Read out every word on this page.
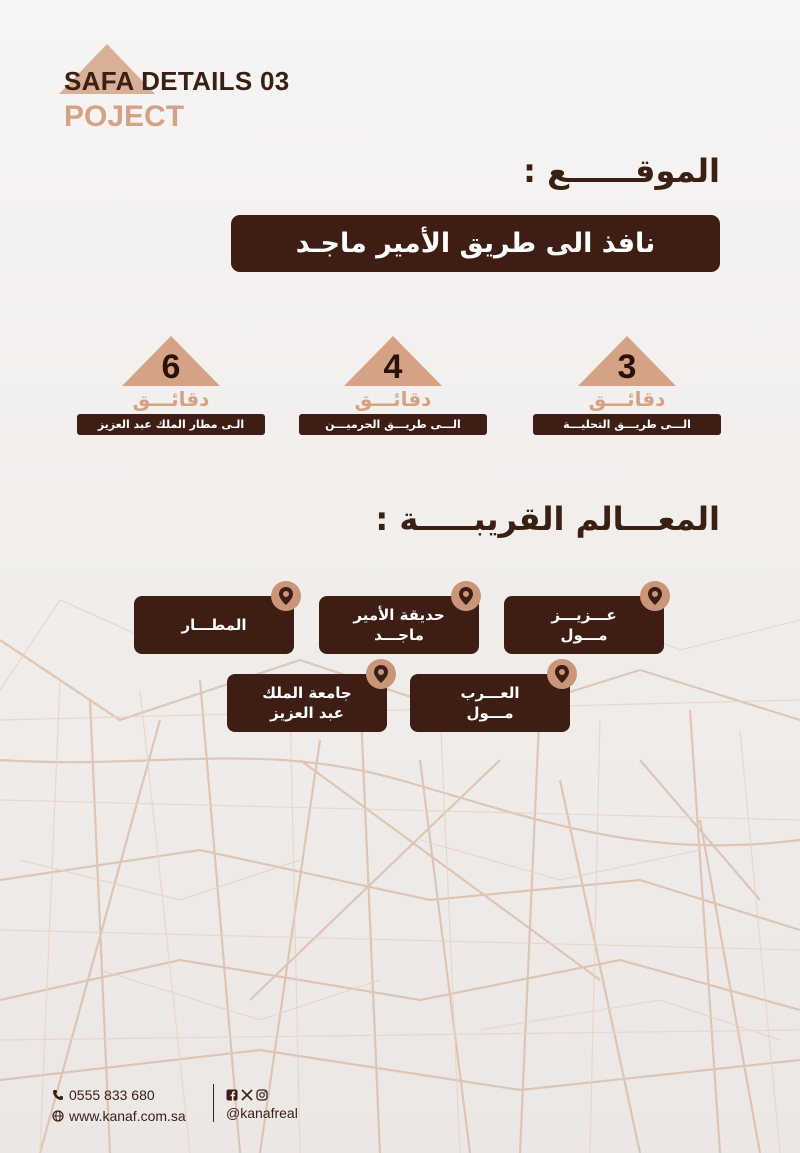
SAFA DETAILS 03
POJECT
الموقــــــع :
نافذ الى طريق الأمير ماجـد
3
دقائـــق
الـــى طريـــق التحليـــة
4
دقائـــق
الـــى طريـــق الحرميـــن
6
دقائـــق
الـى مطار الملك عبد العزيز
المعـــالم القريبـــــة :
عـــزيـــز
مـــول
حديقة الأمير
ماجـــد
المطـــار
العـــرب
مـــول
جامعة الملك
عبد العزيز
0555 833 680
www.kanaf.com.sa	@kanafreal
